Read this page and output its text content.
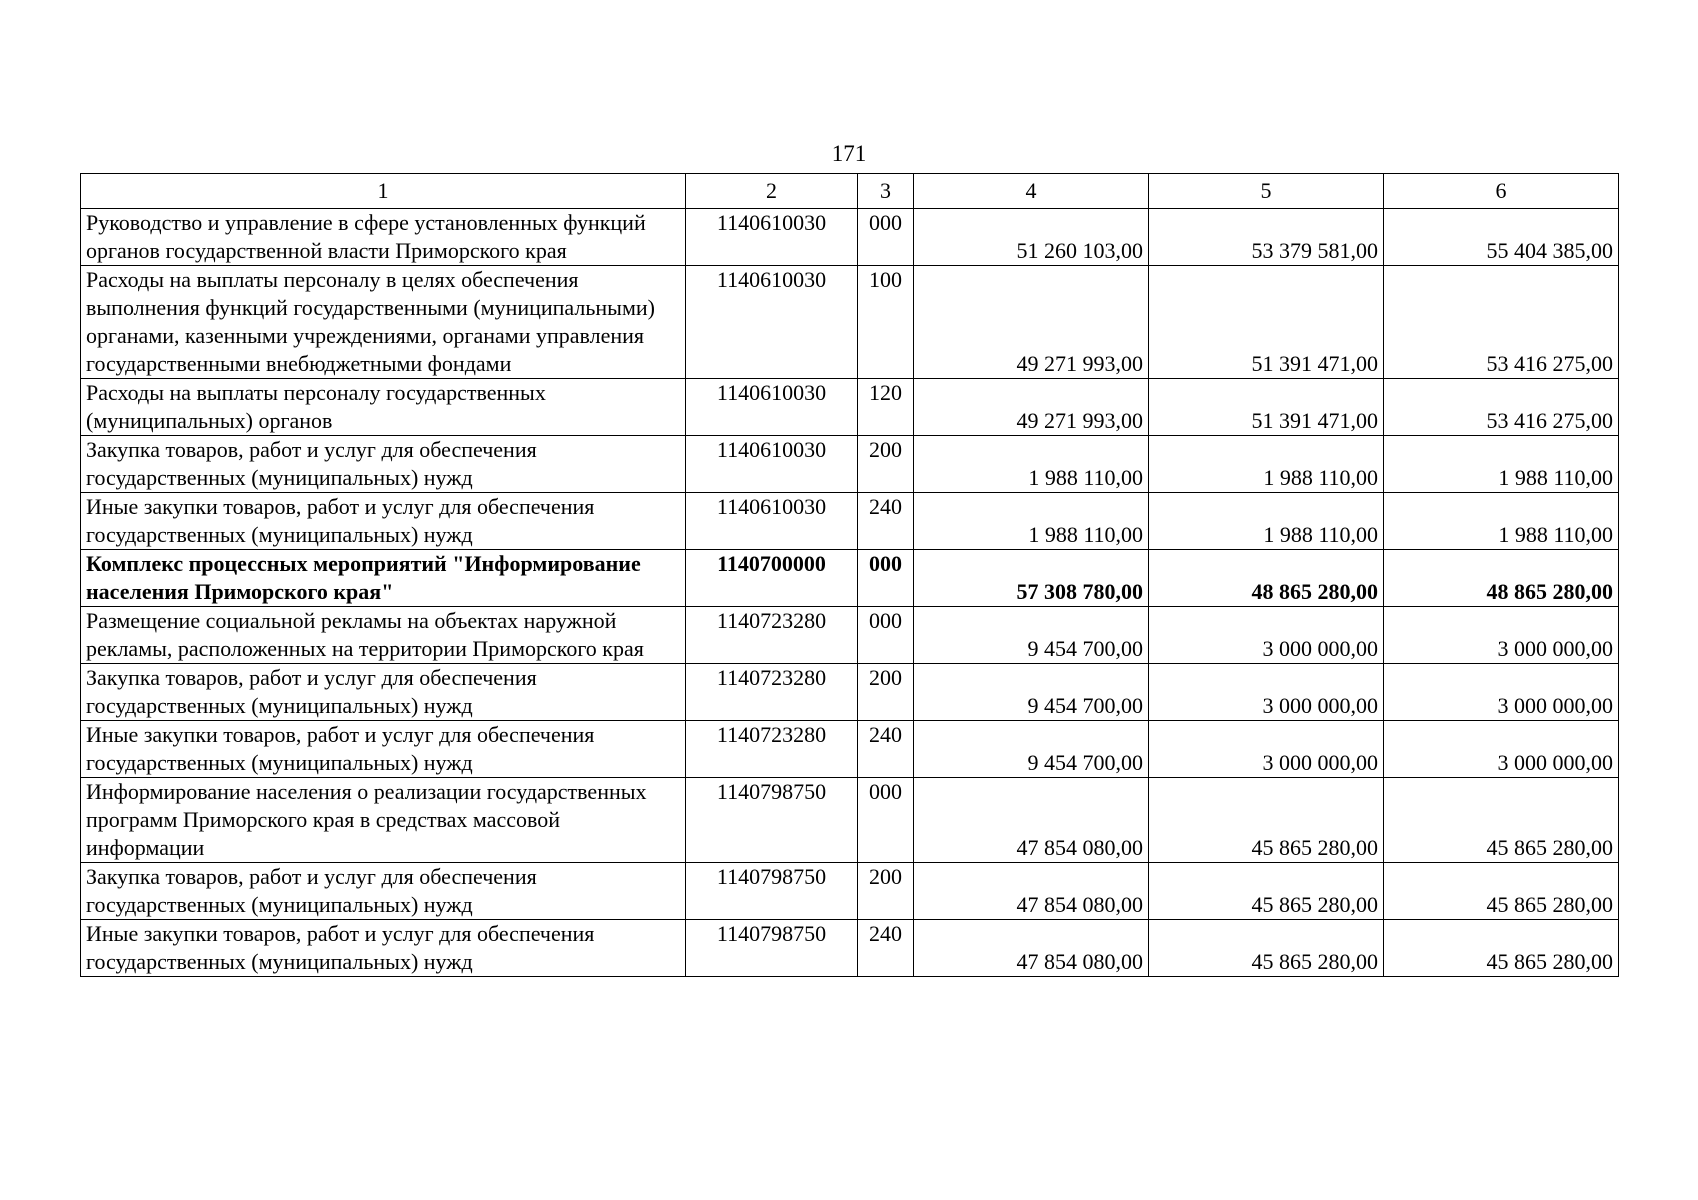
171
1	2	3	4	5	6
Руководство и управление в сфере установленных функций органов государственной власти Приморского края	1140610030	000	51 260 103,00	53 379 581,00	55 404 385,00
Расходы на выплаты персоналу в целях обеспечения выполнения функций государственными (муниципальными) органами, казенными учреждениями, органами управления государственными внебюджетными фондами	1140610030	100	49 271 993,00	51 391 471,00	53 416 275,00
Расходы на выплаты персоналу государственных (муниципальных) органов	1140610030	120	49 271 993,00	51 391 471,00	53 416 275,00
Закупка товаров, работ и услуг для обеспечения государственных (муниципальных) нужд	1140610030	200	1 988 110,00	1 988 110,00	1 988 110,00
Иные закупки товаров, работ и услуг для обеспечения государственных (муниципальных) нужд	1140610030	240	1 988 110,00	1 988 110,00	1 988 110,00
Комплекс процессных мероприятий "Информирование населения Приморского края"	1140700000	000	57 308 780,00	48 865 280,00	48 865 280,00
Размещение социальной рекламы на объектах наружной рекламы, расположенных на территории Приморского края	1140723280	000	9 454 700,00	3 000 000,00	3 000 000,00
Закупка товаров, работ и услуг для обеспечения государственных (муниципальных) нужд	1140723280	200	9 454 700,00	3 000 000,00	3 000 000,00
Иные закупки товаров, работ и услуг для обеспечения государственных (муниципальных) нужд	1140723280	240	9 454 700,00	3 000 000,00	3 000 000,00
Информирование населения о реализации государственных программ Приморского края в средствах массовой информации	1140798750	000	47 854 080,00	45 865 280,00	45 865 280,00
Закупка товаров, работ и услуг для обеспечения государственных (муниципальных) нужд	1140798750	200	47 854 080,00	45 865 280,00	45 865 280,00
Иные закупки товаров, работ и услуг для обеспечения государственных (муниципальных) нужд	1140798750	240	47 854 080,00	45 865 280,00	45 865 280,00
